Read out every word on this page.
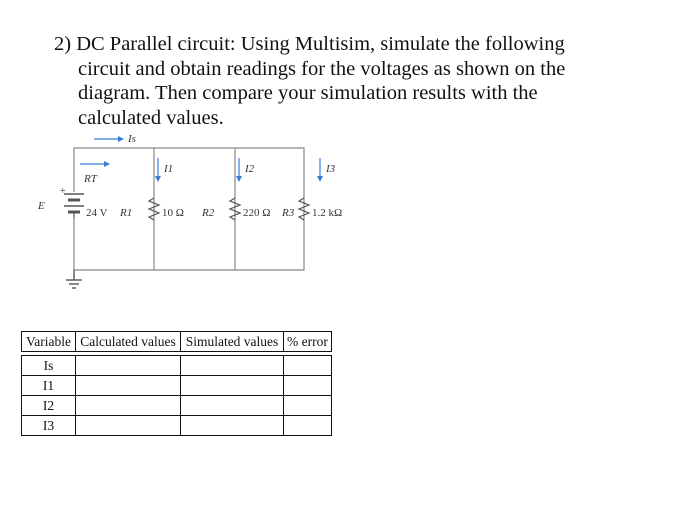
2) DC Parallel circuit: Using Multisim, simulate the following
circuit and obtain readings for the voltages as shown on the
diagram. Then compare your simulation results with the
calculated values.

Is
RT
+
E
24 V R1	10 Ω R2	220 Ω R3 1.2 kΩ
I1	I2	I3
Variable	Calculated values	Simulated values	% error

Is			
I1			
I2			
I3			
